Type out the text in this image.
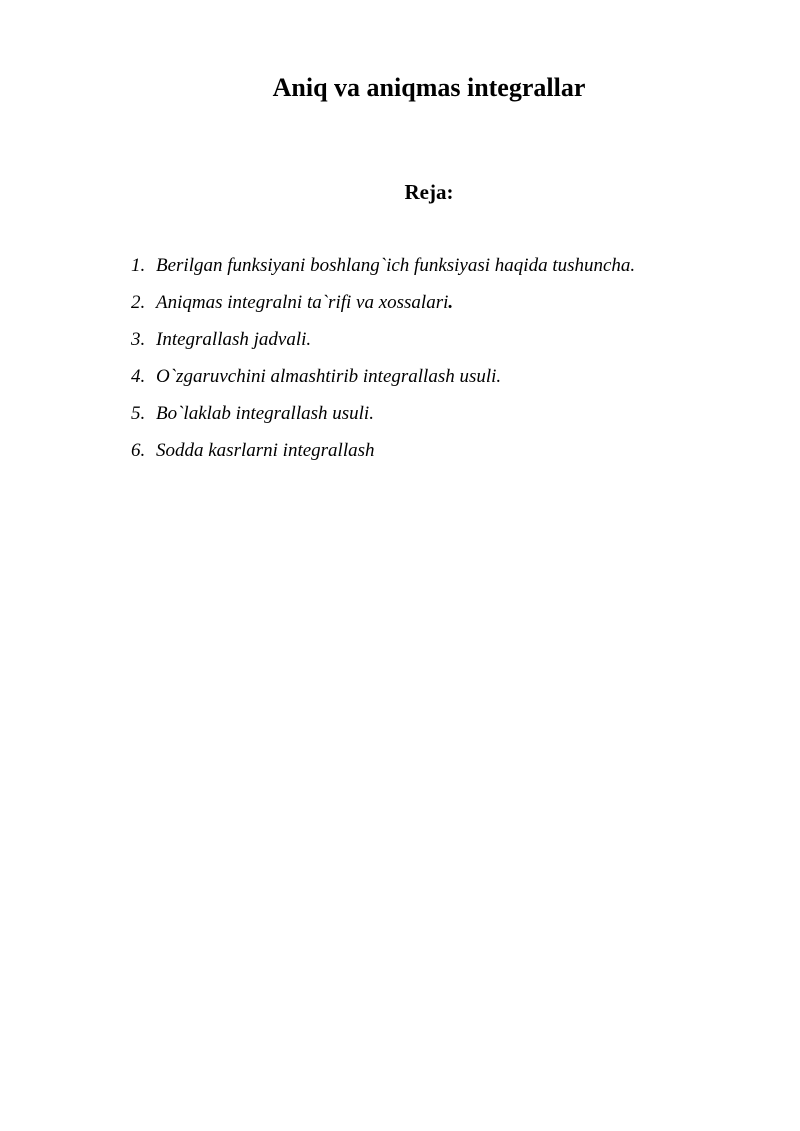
Aniq va aniqmas integrallar
Reja:
1. Berilgan funksiyani boshlang`ich funksiyasi haqida tushuncha.
2. Aniqmas integralni ta`rifi va xossalari.
3. Integrallash jadvali.
4. O`zgaruvchini almashtirib integrallash usuli.
5. Bo`laklab integrallash usuli.
6. Sodda kasrlarni integrallash
